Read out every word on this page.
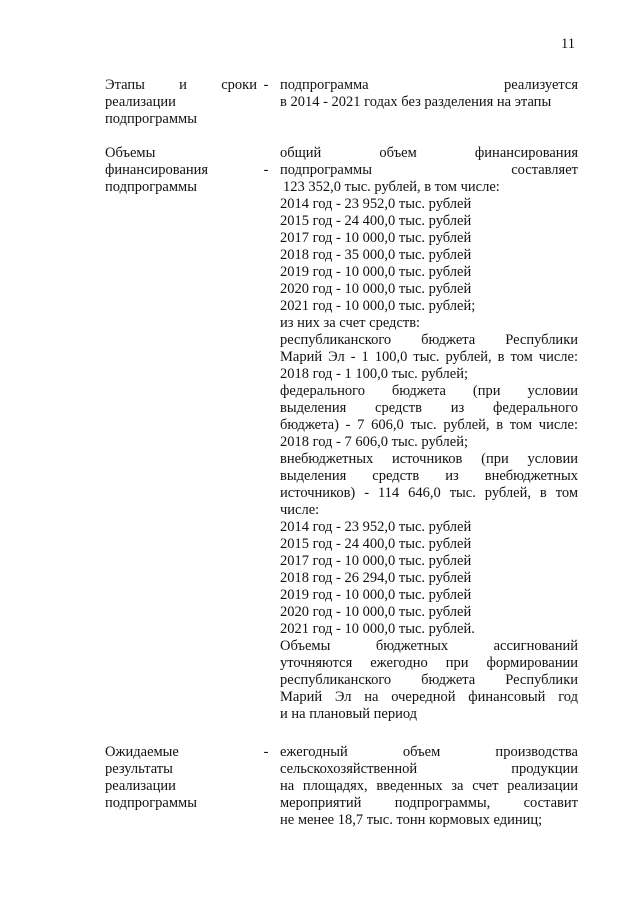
11
Этапы и сроки
реализации
подпрограммы
- подпрограмма реализуется
в 2014 - 2021 годах без разделения на этапы
Объемы
финансирования
подпрограммы
-
общий объем финансирования
подпрограммы составляет
123 352,0 тыс. рублей, в том числе:
2014 год - 23 952,0 тыс. рублей
2015 год - 24 400,0 тыс. рублей
2017 год - 10 000,0 тыс. рублей
2018 год - 35 000,0 тыс. рублей
2019 год - 10 000,0 тыс. рублей
2020 год - 10 000,0 тыс. рублей
2021 год - 10 000,0 тыс. рублей;
из них за счет средств:
республиканского бюджета Республики
Марий Эл - 1 100,0 тыс. рублей, в том числе:
2018 год - 1 100,0 тыс. рублей;
федерального бюджета (при условии
выделения средств из федерального
бюджета) - 7 606,0 тыс. рублей, в том числе:
2018 год - 7 606,0 тыс. рублей;
внебюджетных источников (при условии
выделения средств из внебюджетных
источников) - 114 646,0 тыс. рублей, в том
числе:
2014 год - 23 952,0 тыс. рублей
2015 год - 24 400,0 тыс. рублей
2017 год - 10 000,0 тыс. рублей
2018 год - 26 294,0 тыс. рублей
2019 год - 10 000,0 тыс. рублей
2020 год - 10 000,0 тыс. рублей
2021 год - 10 000,0 тыс. рублей.
Объемы бюджетных ассигнований
уточняются ежегодно при формировании
республиканского бюджета Республики
Марий Эл на очередной финансовый год
и на плановый период
Ожидаемые
результаты
реализации
подпрограммы
- ежегодный объем производства
сельскохозяйственной продукции
на площадях, введенных за счет реализации
мероприятий подпрограммы, составит
не менее 18,7 тыс. тонн кормовых единиц;
